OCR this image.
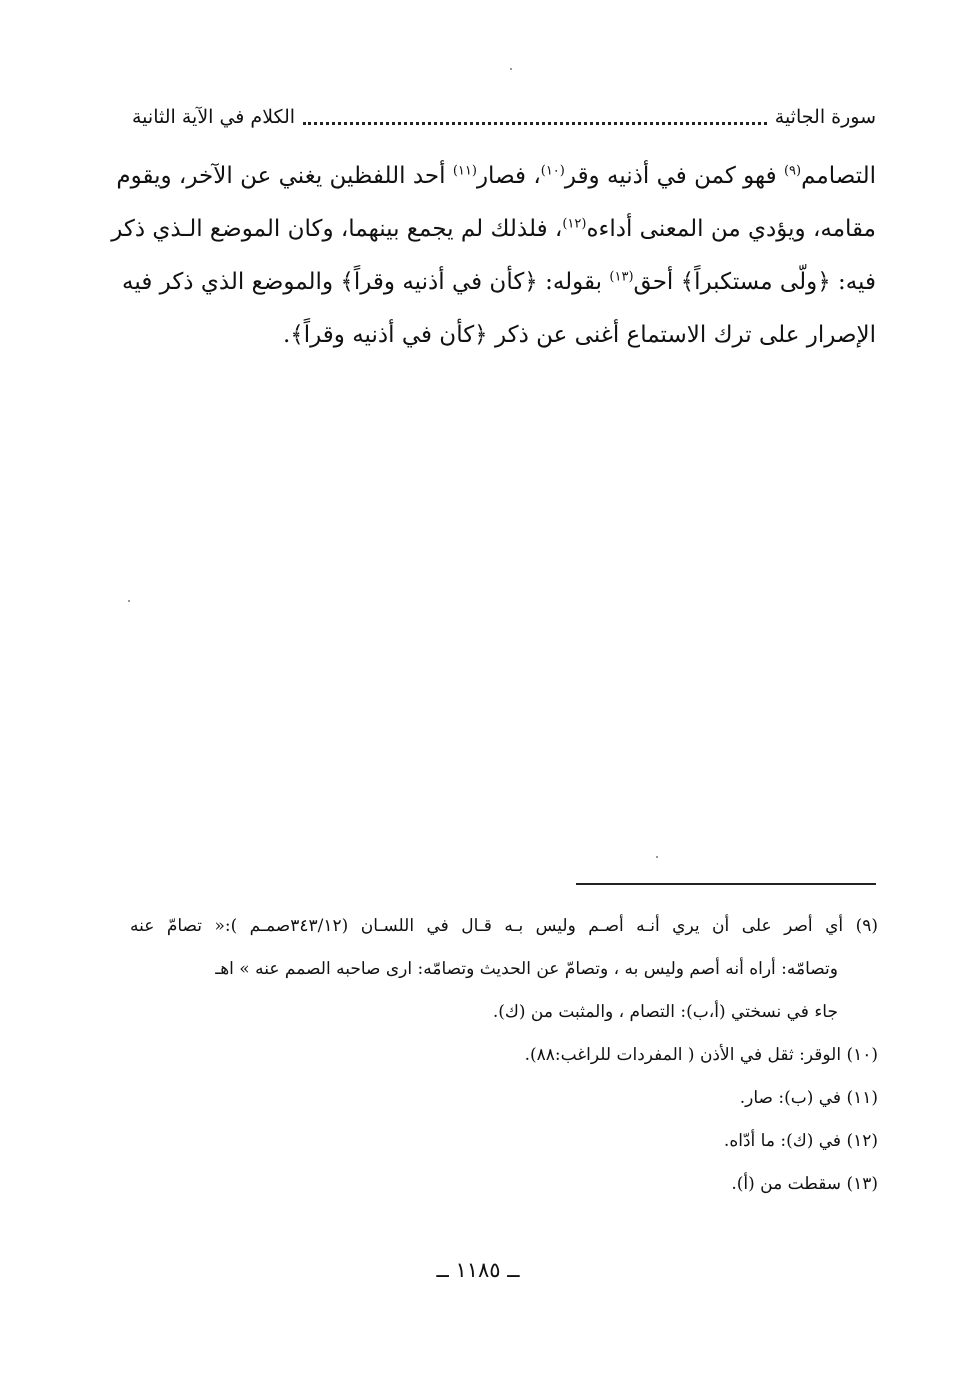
سورة الجاثية
الكلام في الآية الثانية
التصامم$^{(٩)}$ فهو كمن في أذنيه وقر$^{(١٠)}$، فصار$^{(١١)}$ أحد اللفظين يغني عن الآخر، ويقوم
مقامه، ويؤدي من المعنى أداءه$^{(١٢)}$، فلذلك لم يجمع بينهما، وكان الموضع الـذي ذكر
فيه: ﴿ولّى مستكبراً﴾ أحق$^{(١٣)}$ بقوله: ﴿كأن في أذنيه وقراً﴾ والموضع الذي ذكر فيه
الإصرار على ترك الاستماع أغنى عن ذكر ﴿كأن في أذنيه وقراً﴾.
(٩) أي أصر على أن يري أنـه أصـم وليس بـه قـال في اللسـان (٣٤٣/١٢صمـم ):« تصامّ عنه
وتصامّه: أراه أنه أصم وليس به ، وتصامّ عن الحديث وتصامّه: ارى صاحبه الصمم عنه » اهـ
جاء في نسختي (أ،ب): التصام ، والمثبت من (ك).
(١٠) الوقر: ثقل في الأذن ( المفردات للراغب:٨٨).
(١١) في (ب): صار.
(١٢) في (ك): ما أدّاه.
(١٣) سقطت من (أ).
ــ ١١٨٥ ــ
